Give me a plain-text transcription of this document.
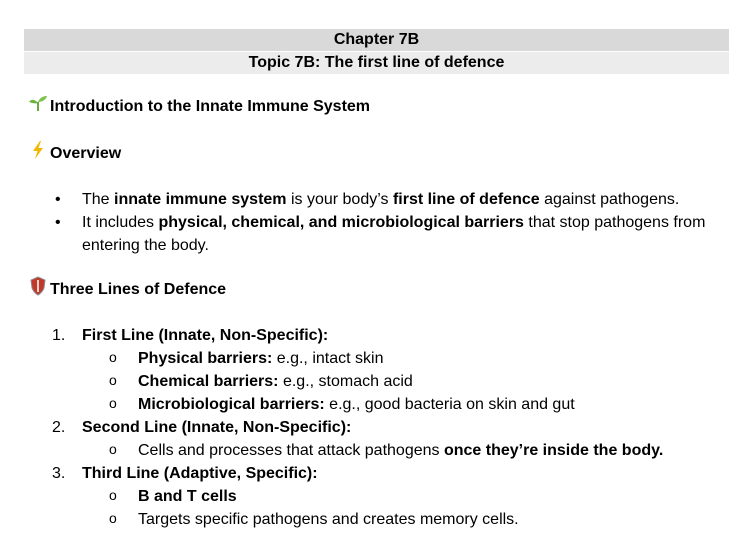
Chapter 7B
Topic 7B: The first line of defence
Introduction to the Innate Immune System
Overview
• The innate immune system is your body’s first line of defence against pathogens.
• It includes physical, chemical, and microbiological barriers that stop pathogens from entering the body.
Three Lines of Defence
1. First Line (Innate, Non-Specific):
o Physical barriers: e.g., intact skin
o Chemical barriers: e.g., stomach acid
o Microbiological barriers: e.g., good bacteria on skin and gut
2. Second Line (Innate, Non-Specific):
o Cells and processes that attack pathogens once they’re inside the body.
3. Third Line (Adaptive, Specific):
o B and T cells
o Targets specific pathogens and creates memory cells.
